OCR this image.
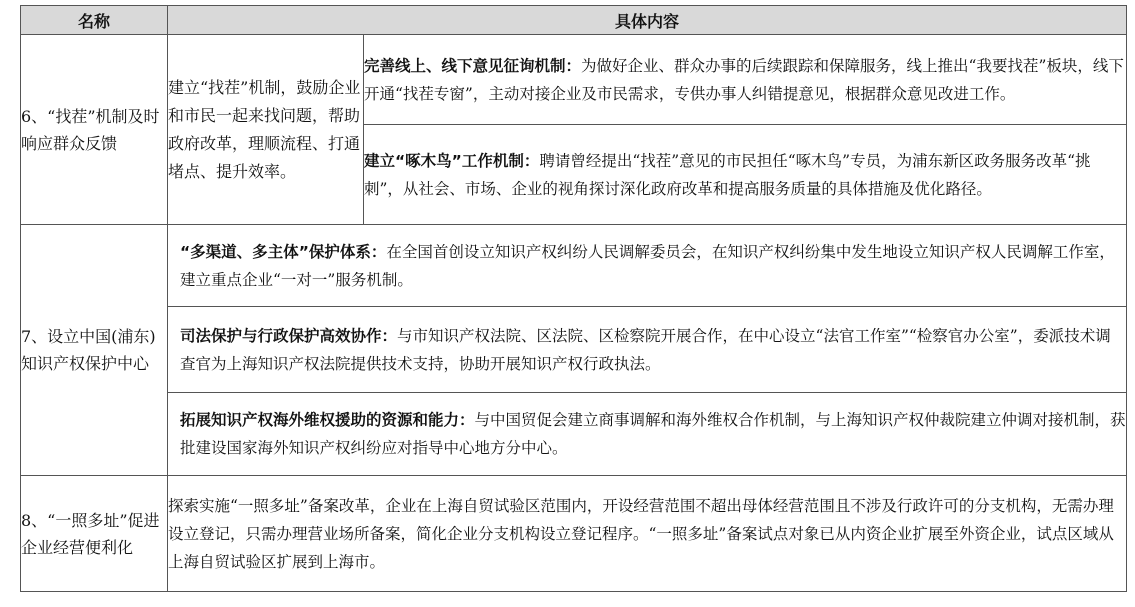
名称	具体内容	
6、“找茬”机制及时响应群众反馈	建立“找茬”机制，鼓励企业和市民一起来找问题，帮助政府改革，理顺流程、打通堵点、提升效率。	完善线上、线下意见征询机制：为做好企业、群众办事的后续跟踪和保障服务，线上推出“我要找茬”板块，线下开通“找茬专窗”，主动对接企业及市民需求，专供办事人纠错提意见，根据群众意见改进工作。
		建立“啄木鸟”工作机制：聘请曾经提出“找茬”意见的市民担任“啄木鸟”专员，为浦东新区政务服务改革“挑刺”，从社会、市场、企业的视角探讨深化政府改革和提高服务质量的具体措施及优化路径。
7、设立中国(浦东)知识产权保护中心	“多渠道、多主体”保护体系：在全国首创设立知识产权纠纷人民调解委员会，在知识产权纠纷集中发生地设立知识产权人民调解工作室，建立重点企业“一对一”服务机制。	
	司法保护与行政保护高效协作：与市知识产权法院、区法院、区检察院开展合作，在中心设立“法官工作室”“检察官办公室”，委派技术调查官为上海知识产权法院提供技术支持，协助开展知识产权行政执法。	
	拓展知识产权海外维权援助的资源和能力：与中国贸促会建立商事调解和海外维权合作机制，与上海知识产权仲裁院建立仲调对接机制，获批建设国家海外知识产权纠纷应对指导中心地方分中心。	
8、“一照多址”促进企业经营便利化	探索实施“一照多址”备案改革，企业在上海自贸试验区范围内，开设经营范围不超出母体经营范围且不涉及行政许可的分支机构，无需办理设立登记，只需办理营业场所备案，简化企业分支机构设立登记程序。“一照多址”备案试点对象已从内资企业扩展至外资企业，试点区域从上海自贸试验区扩展到上海市。	
